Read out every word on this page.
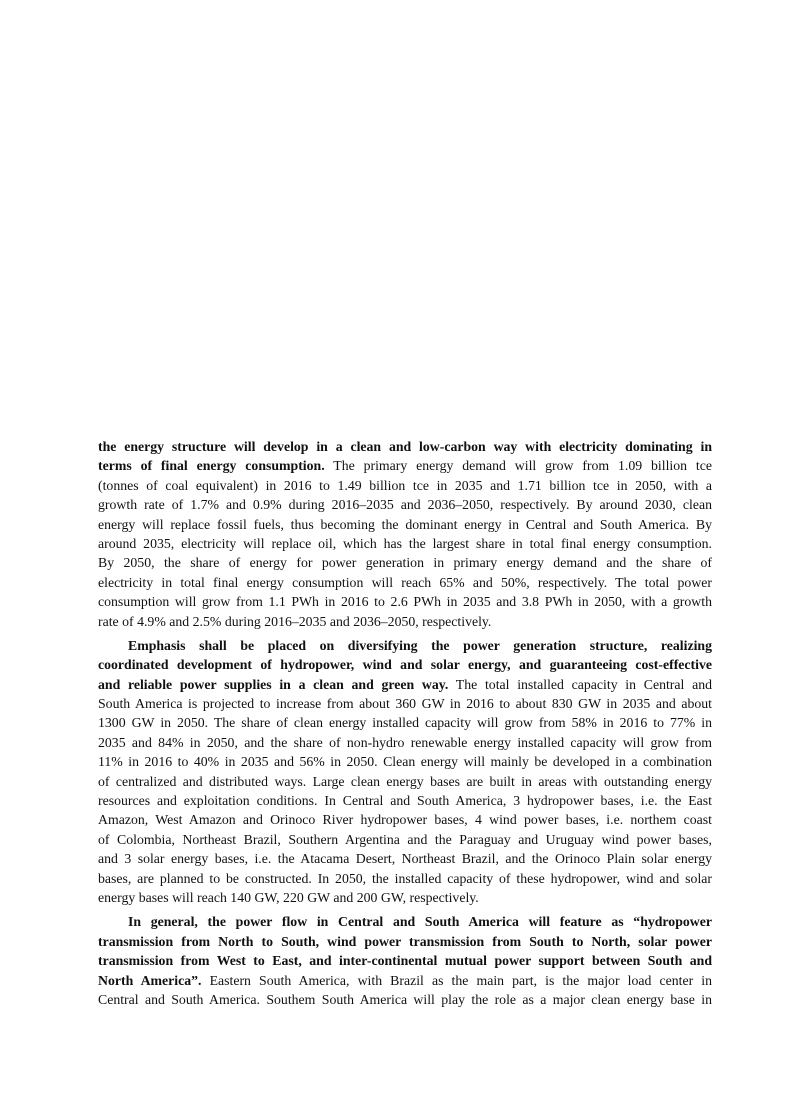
the energy structure will develop in a clean and low-carbon way with electricity dominating in
terms of final energy consumption. The primary energy demand will grow from 1.09 billion tce
(tonnes of coal equivalent) in 2016 to 1.49 billion tce in 2035 and 1.71 billion tce in 2050, with a
growth rate of 1.7% and 0.9% during 2016–2035 and 2036–2050, respectively. By around 2030, clean
energy will replace fossil fuels, thus becoming the dominant energy in Central and South America. By
around 2035, electricity will replace oil, which has the largest share in total final energy consumption.
By 2050, the share of energy for power generation in primary energy demand and the share of
electricity in total final energy consumption will reach 65% and 50%, respectively. The total power
consumption will grow from 1.1 PWh in 2016 to 2.6 PWh in 2035 and 3.8 PWh in 2050, with a growth
rate of 4.9% and 2.5% during 2016–2035 and 2036–2050, respectively.
Emphasis shall be placed on diversifying the power generation structure, realizing
coordinated development of hydropower, wind and solar energy, and guaranteeing cost-effective
and reliable power supplies in a clean and green way. The total installed capacity in Central and
South America is projected to increase from about 360 GW in 2016 to about 830 GW in 2035 and about
1300 GW in 2050. The share of clean energy installed capacity will grow from 58% in 2016 to 77% in
2035 and 84% in 2050, and the share of non-hydro renewable energy installed capacity will grow from
11% in 2016 to 40% in 2035 and 56% in 2050. Clean energy will mainly be developed in a combination
of centralized and distributed ways. Large clean energy bases are built in areas with outstanding energy
resources and exploitation conditions. In Central and South America, 3 hydropower bases, i.e. the East
Amazon, West Amazon and Orinoco River hydropower bases, 4 wind power bases, i.e. northem coast
of Colombia, Northeast Brazil, Southern Argentina and the Paraguay and Uruguay wind power bases,
and 3 solar energy bases, i.e. the Atacama Desert, Northeast Brazil, and the Orinoco Plain solar energy
bases, are planned to be constructed. In 2050, the installed capacity of these hydropower, wind and solar
energy bases will reach 140 GW, 220 GW and 200 GW, respectively.
In general, the power flow in Central and South America will feature as “hydropower
transmission from North to South, wind power transmission from South to North, solar power
transmission from West to East, and inter-continental mutual power support between South and
North America”. Eastern South America, with Brazil as the main part, is the major load center in
Central and South America. Southem South America will play the role as a major clean energy base in
